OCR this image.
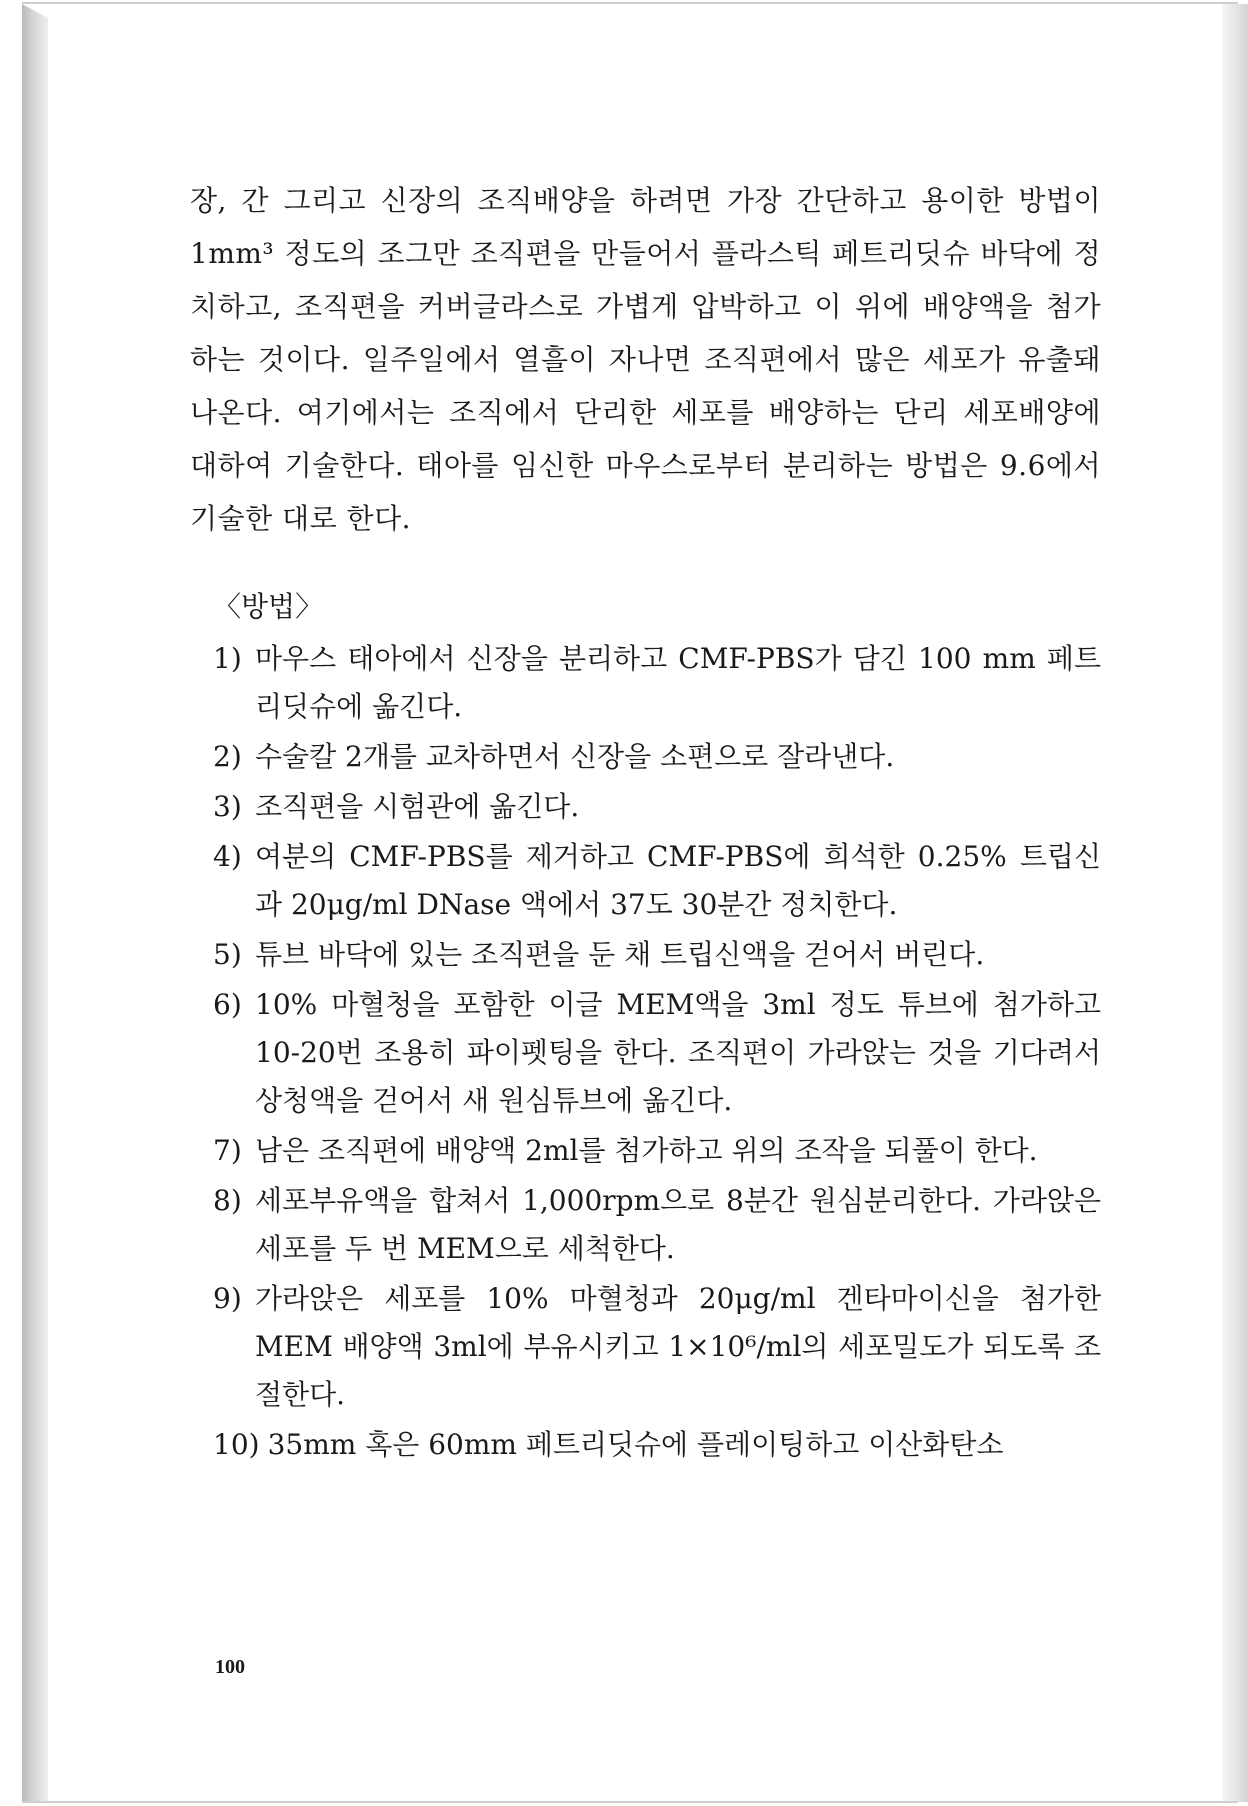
장, 간 그리고 신장의 조직배양을 하려면 가장 간단하고 용이한 방법이 1mm³ 정도의 조그만 조직편을 만들어서 플라스틱 페트리딧슈 바닥에 정치하고, 조직편을 커버글라스로 가볍게 압박하고 이 위에 배양액을 첨가하는 것이다. 일주일에서 열흘이 자나면 조직편에서 많은 세포가 유출돼 나온다. 여기에서는 조직에서 단리한 세포를 배양하는 단리 세포배양에 대하여 기술한다. 태아를 임신한 마우스로부터 분리하는 방법은 9.6에서 기술한 대로 한다.

〈방법〉
1) 마우스 태아에서 신장을 분리하고 CMF-PBS가 담긴 100 mm 페트리딧슈에 옮긴다.
2) 수술칼 2개를 교차하면서 신장을 소편으로 잘라낸다.
3) 조직편을 시험관에 옮긴다.
4) 여분의 CMF-PBS를 제거하고 CMF-PBS에 희석한 0.25% 트립신과 20μg/ml DNase 액에서 37도 30분간 정치한다.
5) 튜브 바닥에 있는 조직편을 둔 채 트립신액을 걷어서 버린다.
6) 10% 마혈청을 포함한 이글 MEM액을 3ml 정도 튜브에 첨가하고 10-20번 조용히 파이펫팅을 한다. 조직편이 가라앉는 것을 기다려서 상청액을 걷어서 새 원심튜브에 옮긴다.
7) 남은 조직편에 배양액 2ml를 첨가하고 위의 조작을 되풀이 한다.
8) 세포부유액을 합쳐서 1,000rpm으로 8분간 원심분리한다. 가라앉은 세포를 두 번 MEM으로 세척한다.
9) 가라앉은 세포를 10% 마혈청과 20μg/ml 겐타마이신을 첨가한 MEM 배양액 3ml에 부유시키고 1×10⁶/ml의 세포밀도가 되도록 조절한다.
10) 35mm 혹은 60mm 페트리딧슈에 플레이팅하고 이산화탄소
100
